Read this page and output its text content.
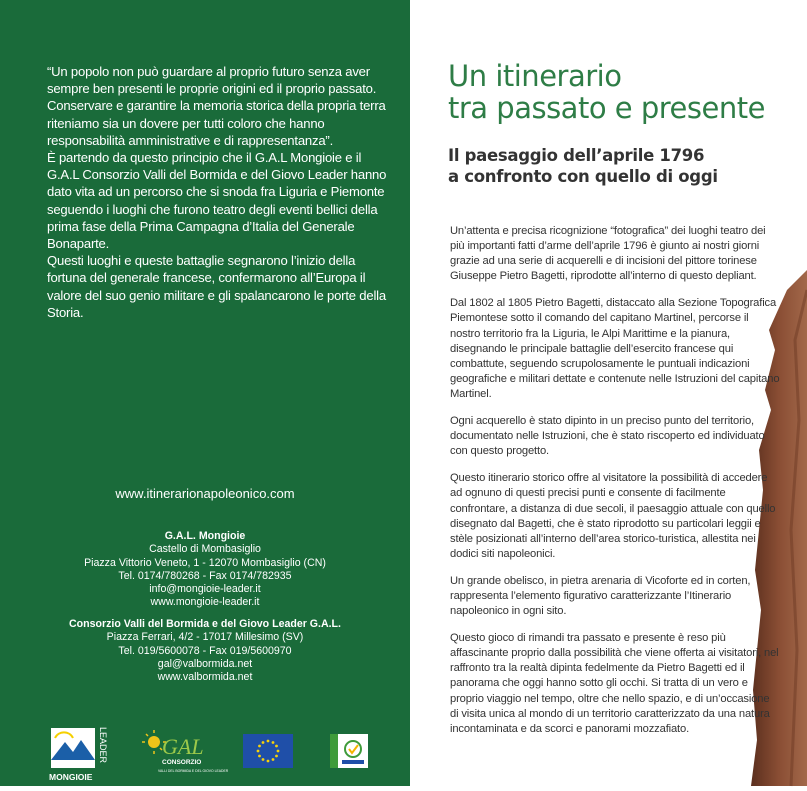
“Un popolo non può guardare al proprio futuro senza aver sempre ben presenti le proprie origini ed il proprio passato. Conservare e garantire la memoria storica della propria terra riteniamo sia un dovere per tutti coloro che hanno responsabilità amministrative e di rappresentanza”.

È partendo da questo principio che il G.A.L Mongioie e il G.A.L Consorzio Valli del Bormida e del Giovo Leader hanno dato vita ad un percorso che si snoda fra Liguria e Piemonte seguendo i luoghi che furono teatro degli eventi bellici della prima fase della Prima Campagna d’Italia del Generale Bonaparte.

Questi luoghi e queste battaglie segnarono l’inizio della fortuna del generale francese, confermarono all’Europa il valore del suo genio militare e gli spalancarono le porte della Storia.

www.itinerarionapoleonico.com
G.A.L. Mongioie
Castello di Mombasiglio
Piazza Vittorio Veneto, 1 - 12070 Mombasiglio (CN)
Tel. 0174/780268 - Fax 0174/782935
info@mongioie-leader.it
www.mongioie-leader.it
Consorzio Valli del Bormida e del Giovo Leader G.A.L.
Piazza Ferrari, 4/2 - 17017 Millesimo (SV)
Tel. 019/5600078 - Fax 019/5600970
gal@valbormida.net
www.valbormida.net
LEADER
MONGIOIE
GAL
CONSORZIO
VALLI DEL BORMIDA E DEL GIOVO LEADER
Un itinerario
tra passato e presente
Il paesaggio dell’aprile 1796
a confronto con quello di oggi

Un’attenta e precisa ricognizione “fotografica” dei luoghi teatro dei più importanti fatti d’arme dell’aprile 1796 è giunto ai nostri giorni grazie ad una serie di acquerelli e di incisioni del pittore torinese Giuseppe Pietro Bagetti, riprodotte all’interno di questo depliant.

Dal 1802 al 1805 Pietro Bagetti, distaccato alla Sezione Topografica Piemontese sotto il comando del capitano Martinel, percorse il nostro territorio fra la Liguria, le Alpi Marittime e la pianura, disegnando le principale battaglie dell’esercito francese qui combattute, seguendo scrupolosamente le puntuali indicazioni geografiche e militari dettate e contenute nelle Istruzioni del capitano Martinel.

Ogni acquerello è stato dipinto in un preciso punto del territorio, documentato nelle Istruzioni, che è stato riscoperto ed individuato con questo progetto.

Questo itinerario storico offre al visitatore la possibilità di accedere ad ognuno di questi precisi punti e consente di facilmente confrontare, a distanza di due secoli, il paesaggio attuale con quello disegnato dal Bagetti, che è stato riprodotto su particolari leggii e stèle posizionati all’interno dell’area storico-turistica, allestita nei dodici siti napoleonici.

Un grande obelisco, in pietra arenaria di Vicoforte ed in corten, rappresenta l’elemento figurativo caratterizzante l’Itinerario napoleonico in ogni sito.

Questo gioco di rimandi tra passato e presente è reso più affascinante proprio dalla possibilità che viene offerta ai visitatori, nel raffronto tra la realtà dipinta fedelmente da Pietro Bagetti ed il panorama che oggi hanno sotto gli occhi. Si tratta di un vero e proprio viaggio nel tempo, oltre che nello spazio, e di un’occasione di visita unica al mondo di un territorio caratterizzato da una natura incontaminata e da scorci e panorami mozzafiato.
